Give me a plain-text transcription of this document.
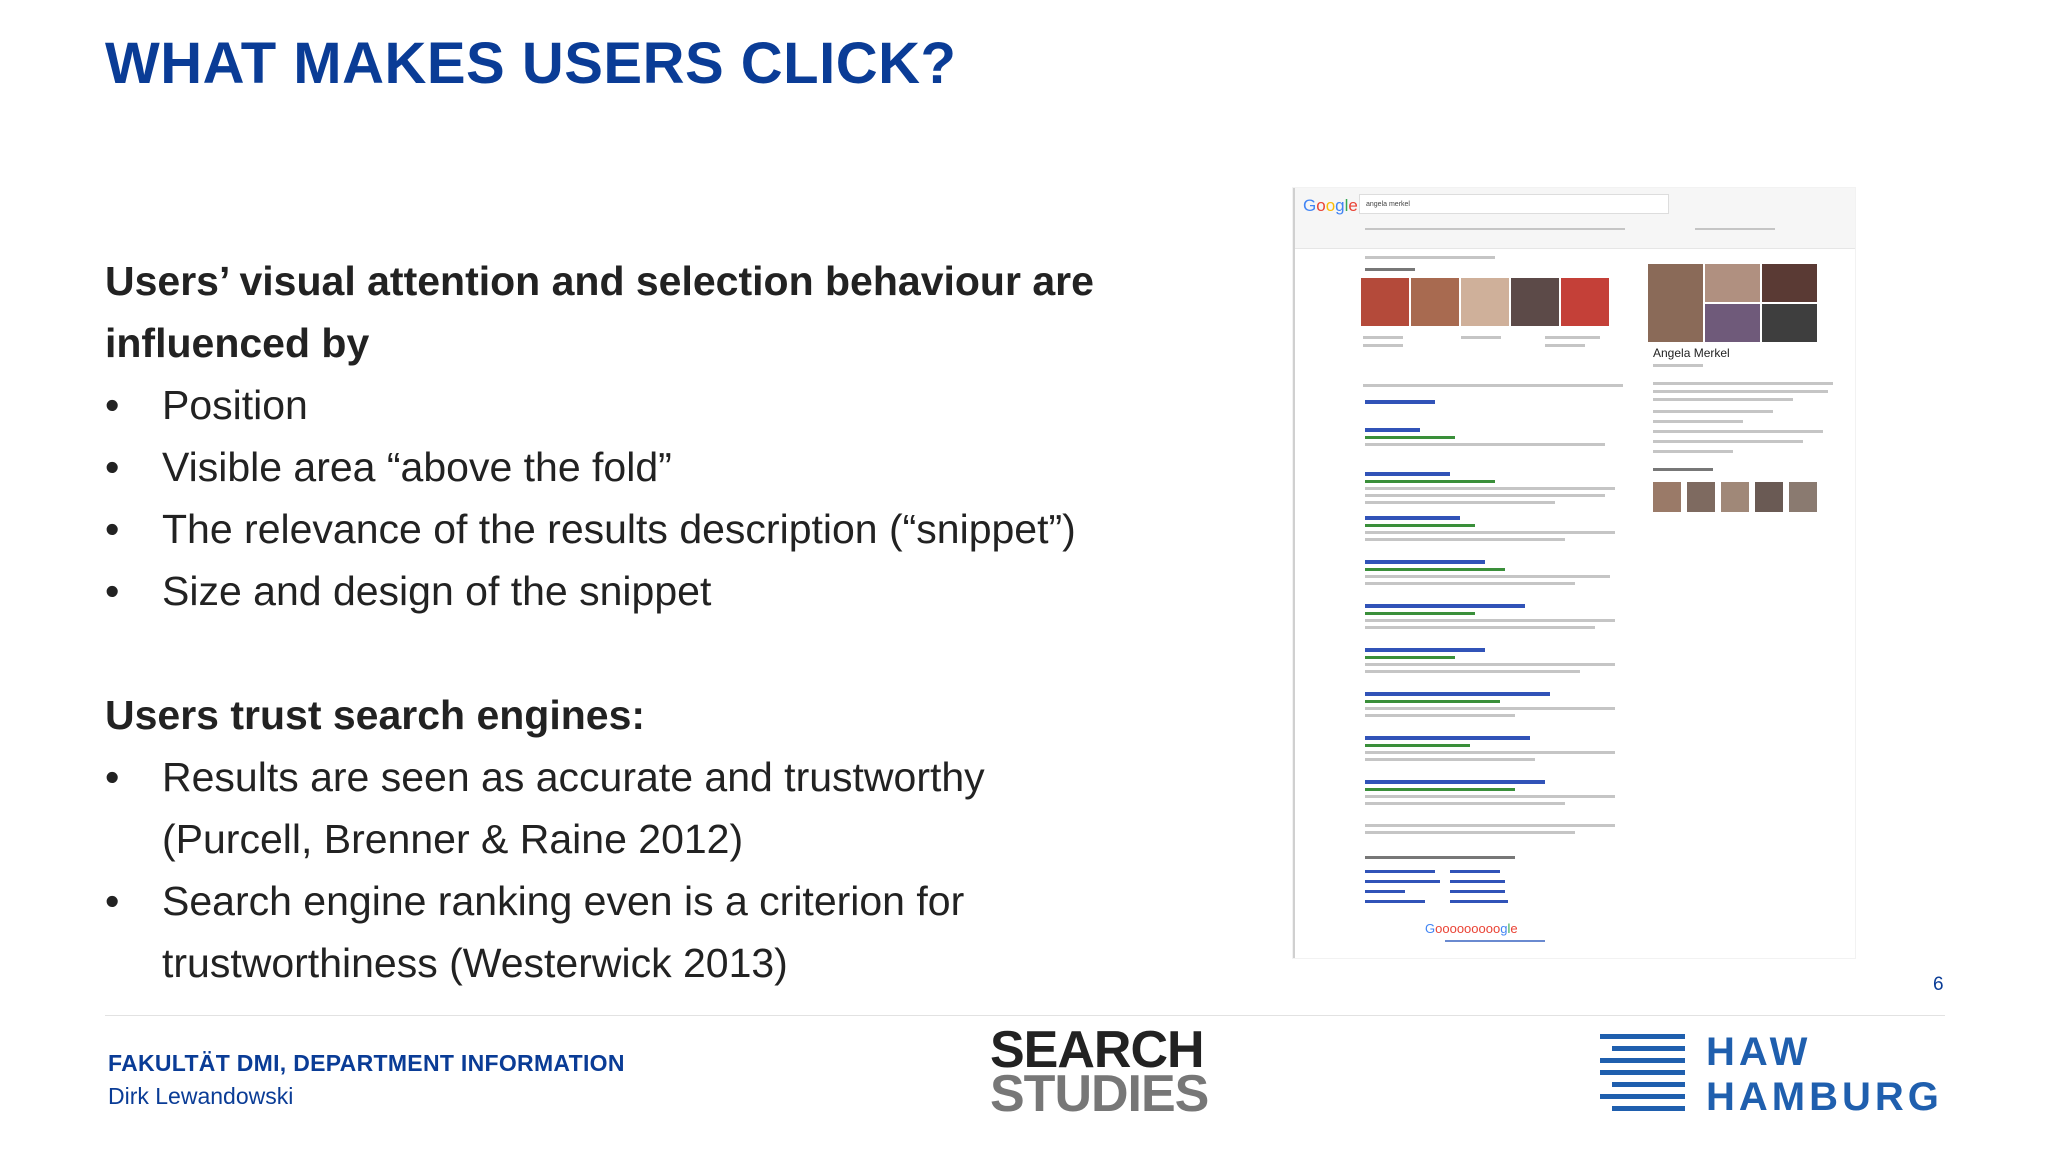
WHAT MAKES USERS CLICK?
Users’ visual attention and selection behaviour are influenced by
• Position
• Visible area “above the fold”
• The relevance of the results description (“snippet”)
• Size and design of the snippet
Users trust search engines:
• Results are seen as accurate and trustworthy (Purcell, Brenner & Raine 2012)
• Search engine ranking even is a criterion for trustworthiness (Westerwick 2013)
Google	angela merkel
Angela Merkel
Gooooooooogle
6
FAKULTÄT DMI, DEPARTMENT INFORMATION
Dirk Lewandowski
SEARCH
STUDIES
HAW
HAMBURG
